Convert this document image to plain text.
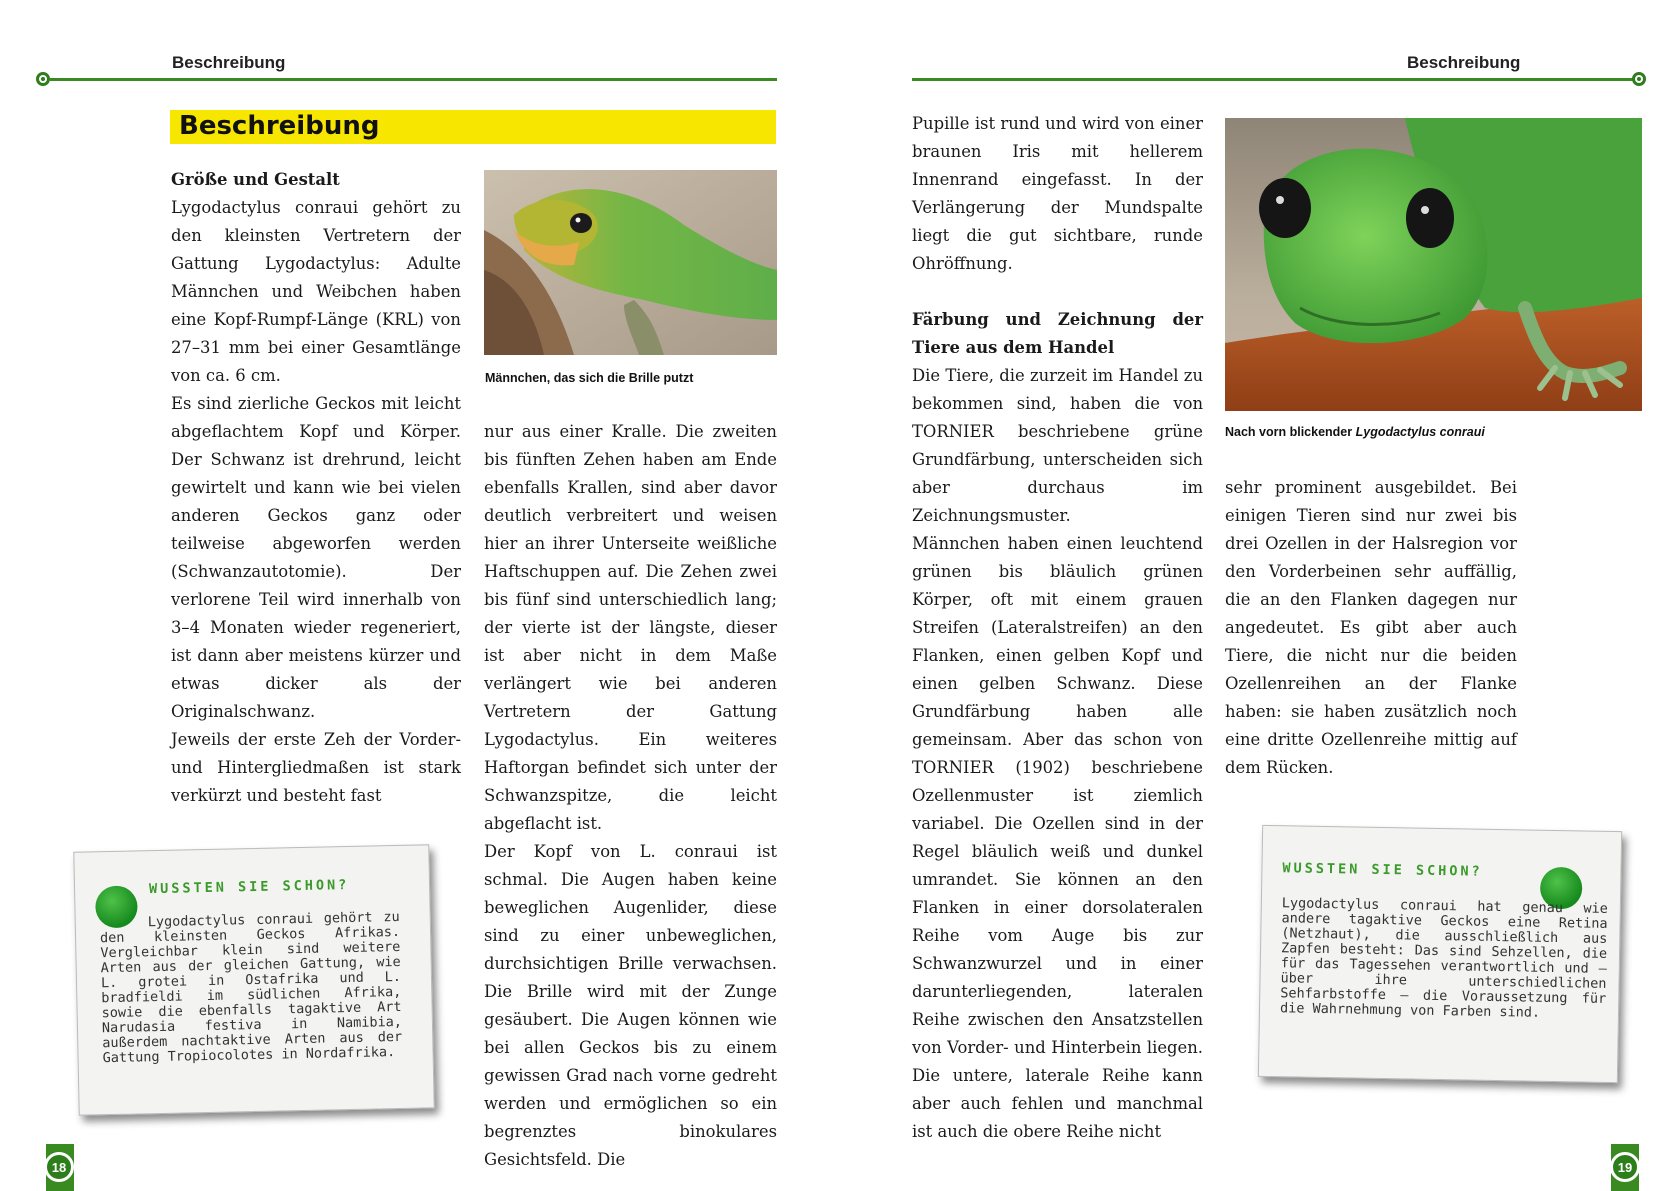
Beschreibung
Beschreibung

Größe und Gestalt

Lygodactylus conraui gehört zu den kleinsten Vertretern der Gattung Lygodactylus: Adulte Männchen und Weibchen haben eine Kopf-Rumpf-Länge (KRL) von 27–31 mm bei einer Gesamtlänge von ca. 6 cm.

Es sind zierliche Geckos mit leicht abgeflachtem Kopf und Körper. Der Schwanz ist drehrund, leicht gewirtelt und kann wie bei vielen anderen Geckos ganz oder teilweise abgeworfen werden (Schwanzautotomie). Der verlorene Teil wird innerhalb von 3–4 Monaten wieder regeneriert, ist dann aber meistens kürzer und etwas dicker als der Originalschwanz.

Jeweils der erste Zeh der Vorder- und Hintergliedmaßen ist stark verkürzt und besteht fast

Männchen, das sich die Brille putzt

nur aus einer Kralle. Die zweiten bis fünften Zehen haben am Ende ebenfalls Krallen, sind aber davor deutlich verbreitert und weisen hier an ihrer Unterseite weißliche Haftschuppen auf. Die Zehen zwei bis fünf sind unterschiedlich lang; der vierte ist der längste, dieser ist aber nicht in dem Maße verlängert wie bei anderen Vertretern der Gattung Lygodactylus. Ein weiteres Haftorgan befindet sich unter der Schwanzspitze, die leicht abgeflacht ist.

Der Kopf von L. conraui ist schmal. Die Augen haben keine beweglichen Augenlider, diese sind zu einer unbeweglichen, durchsichtigen Brille verwachsen. Die Brille wird mit der Zunge gesäubert. Die Augen können wie bei allen Geckos bis zu einem gewissen Grad nach vorne gedreht werden und ermöglichen so ein begrenztes binokulares Gesichtsfeld. Die

WUSSTEN SIE SCHON?
Lygodactylus conraui gehört zu den kleinsten Geckos Afrikas. Vergleichbar klein sind weitere Arten aus der gleichen Gattung, wie L. grotei in Ostafrika und L. bradfieldi im südlichen Afrika, sowie die ebenfalls tagaktive Art Narudasia festiva in Namibia, außerdem nachtaktive Arten aus der Gattung Tropiocolotes in Nordafrika.
18
Beschreibung

Pupille ist rund und wird von einer braunen Iris mit hellerem Innenrand eingefasst. In der Verlängerung der Mundspalte liegt die gut sichtbare, runde Ohröffnung.

Färbung und Zeichnung der Tiere aus dem Handel

Die Tiere, die zurzeit im Handel zu bekommen sind, haben die von TORNIER beschriebene grüne Grundfärbung, unterscheiden sich aber durchaus im Zeichnungsmuster.

Männchen haben einen leuchtend grünen bis bläulich grünen Körper, oft mit einem grauen Streifen (Lateralstreifen) an den Flanken, einen gelben Kopf und einen gelben Schwanz. Diese Grundfärbung haben alle gemeinsam. Aber das schon von TORNIER (1902) beschriebene Ozellenmuster ist ziemlich variabel. Die Ozellen sind in der Regel bläulich weiß und dunkel umrandet. Sie können an den Flanken in einer dorsolateralen Reihe vom Auge bis zur Schwanzwurzel und in einer darunterliegenden, lateralen Reihe zwischen den Ansatzstellen von Vorder- und Hinterbein liegen. Die untere, laterale Reihe kann aber auch fehlen und manchmal ist auch die obere Reihe nicht

Nach vorn blickender Lygodactylus conraui

sehr prominent ausgebildet. Bei einigen Tieren sind nur zwei bis drei Ozellen in der Halsregion vor den Vorderbeinen sehr auffällig, die an den Flanken dagegen nur angedeutet. Es gibt aber auch Tiere, die nicht nur die beiden Ozellenreihen an der Flanke haben: sie haben zusätzlich noch eine dritte Ozellenreihe mittig auf dem Rücken.

WUSSTEN SIE SCHON?
Lygodactylus conraui hat genau wie andere tagaktive Geckos eine Retina (Netzhaut), die ausschließlich aus Zapfen besteht: Das sind Sehzellen, die für das Tagessehen verantwortlich und – über ihre unterschiedlichen Sehfarbstoffe – die Voraussetzung für die Wahrnehmung von Farben sind.
19
